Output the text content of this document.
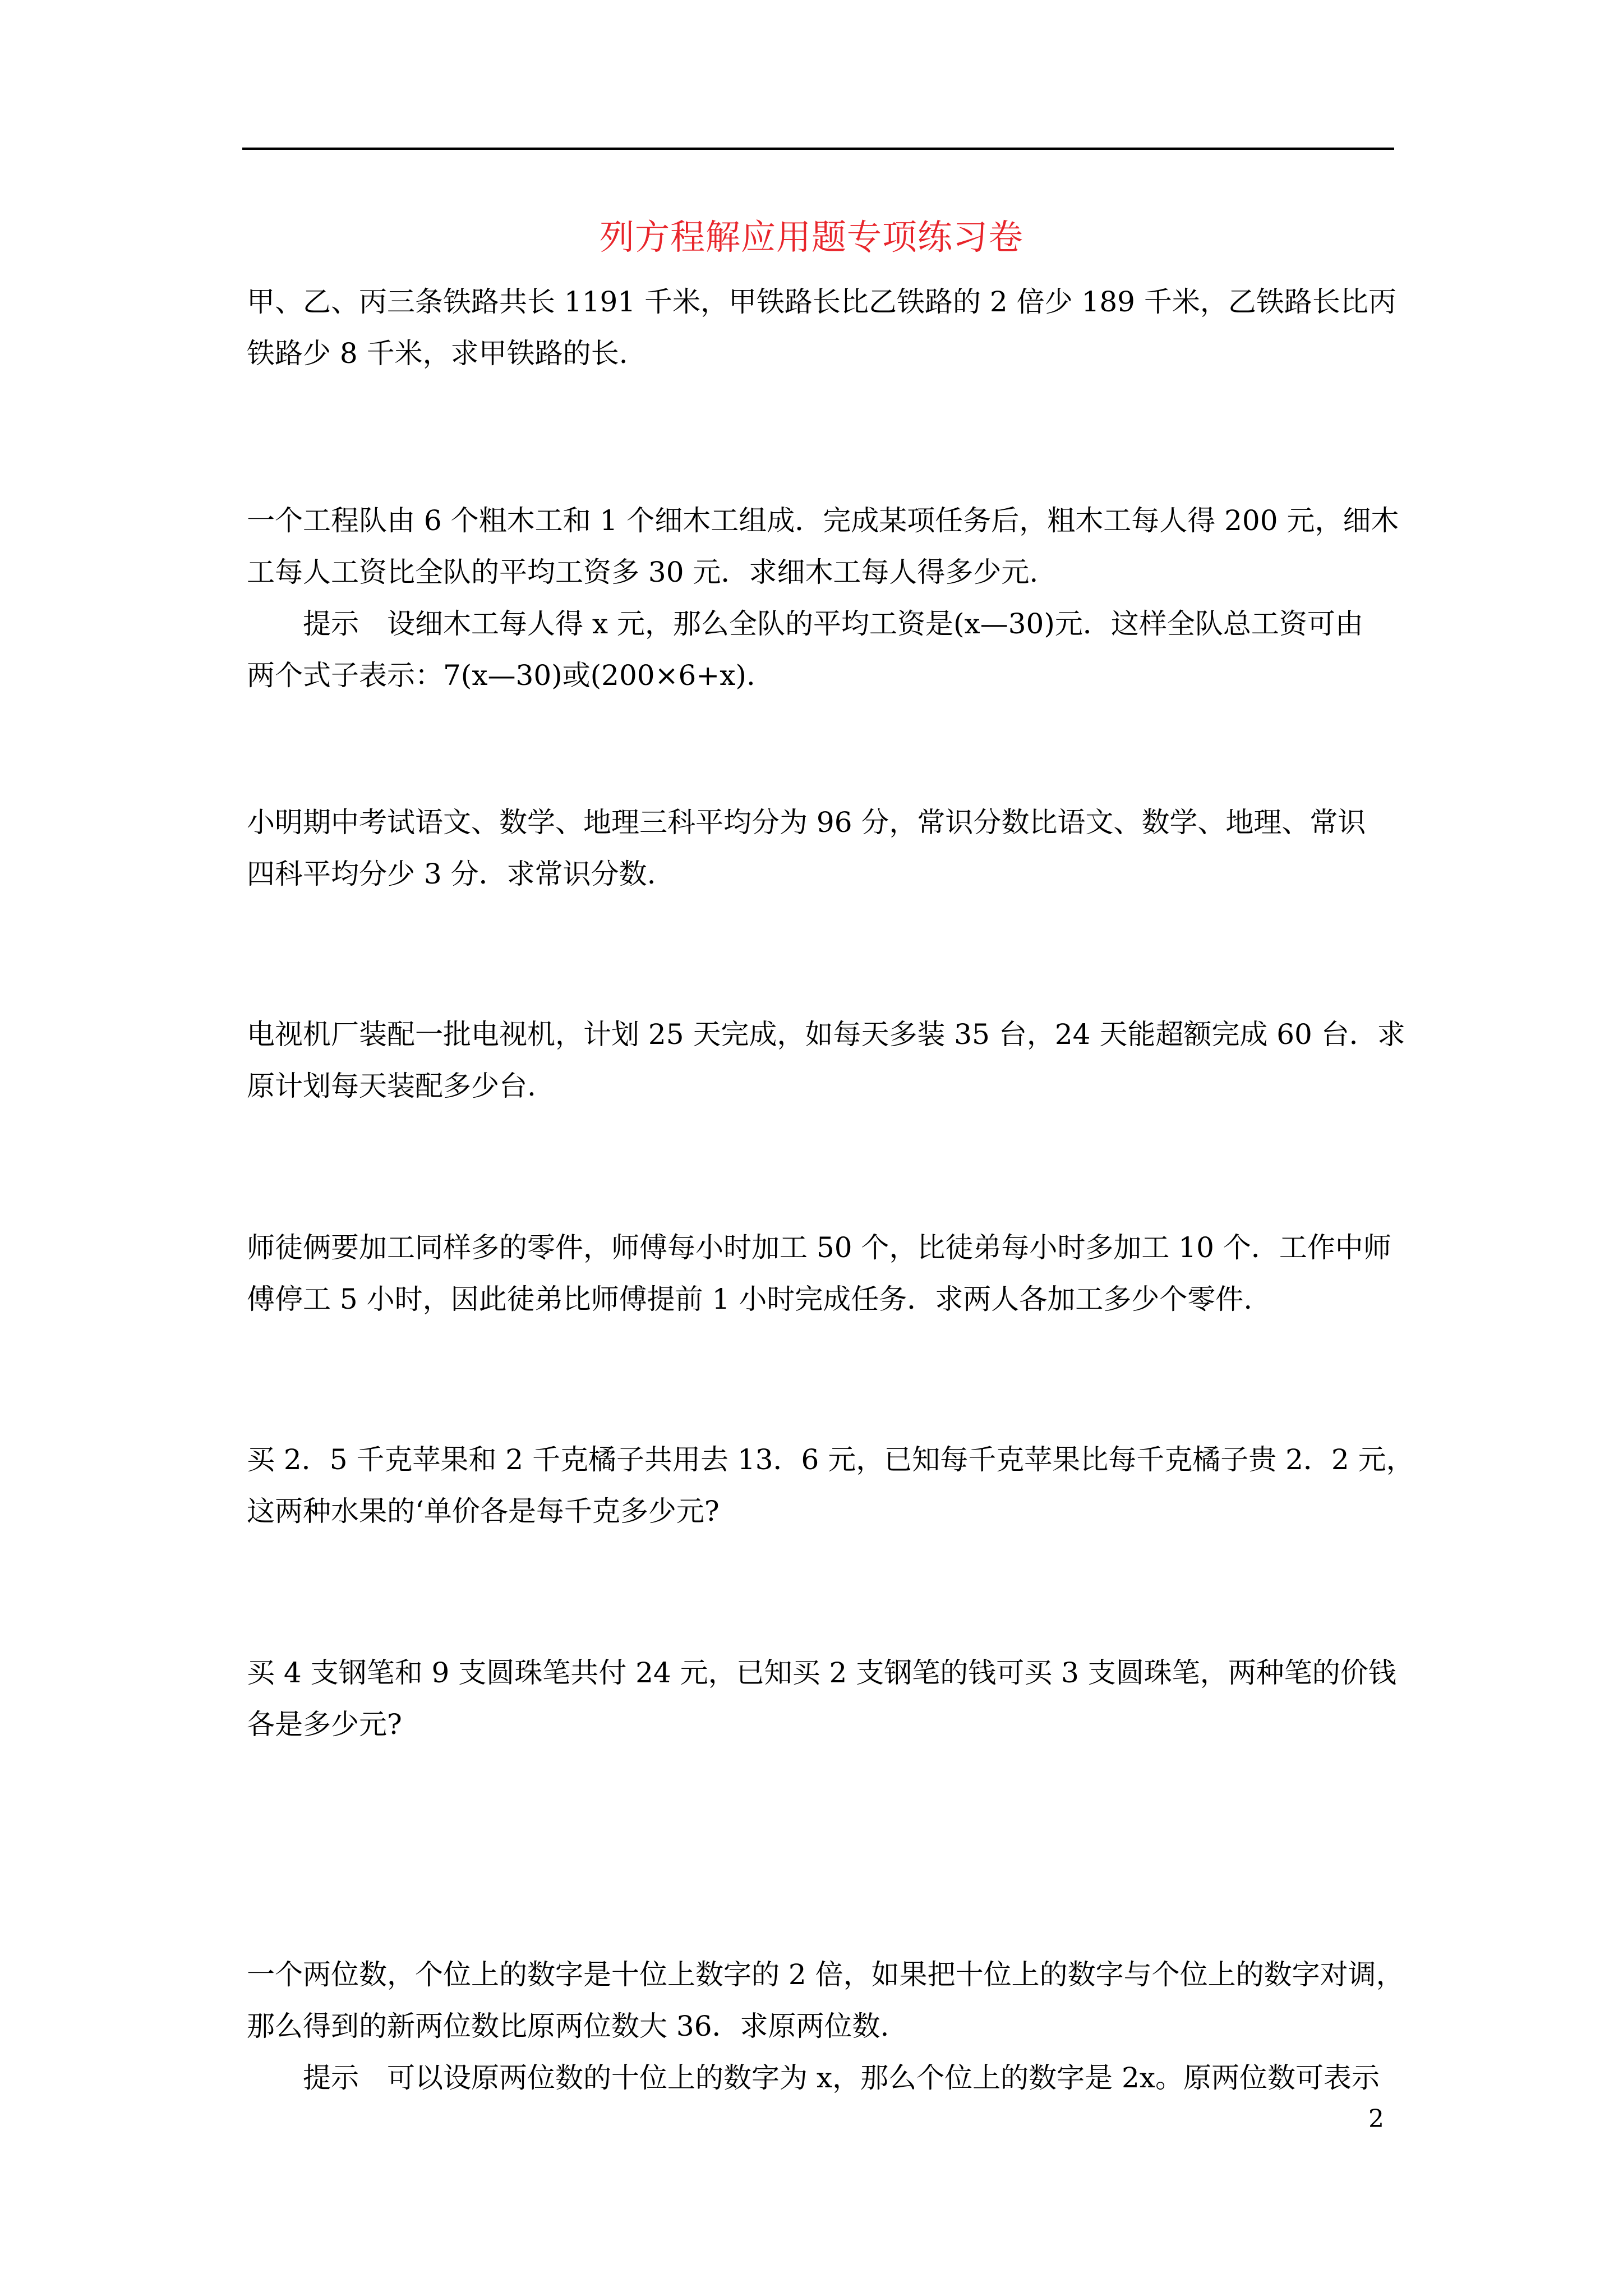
列方程解应用题专项练习卷
甲、乙、丙三条铁路共长 1191 千米，甲铁路长比乙铁路的 2 倍少 189 千米，乙铁路长比丙
铁路少 8 千米，求甲铁路的长.
一个工程队由 6 个粗木工和 1 个细木工组成．完成某项任务后，粗木工每人得 200 元，细木
工每人工资比全队的平均工资多 30 元．求细木工每人得多少元.
提示　设细木工每人得 x 元，那么全队的平均工资是(x—30)元．这样全队总工资可由
两个式子表示：7(x—30)或(200×6+x).
小明期中考试语文、数学、地理三科平均分为 96 分，常识分数比语文、数学、地理、常识
四科平均分少 3 分．求常识分数.
电视机厂装配一批电视机，计划 25 天完成，如每天多装 35 台，24 天能超额完成 60 台．求
原计划每天装配多少台.
师徒俩要加工同样多的零件，师傅每小时加工 50 个，比徒弟每小时多加工 10 个．工作中师
傅停工 5 小时，因此徒弟比师傅提前 1 小时完成任务．求两人各加工多少个零件.
买 2．5 千克苹果和 2 千克橘子共用去 13．6 元，已知每千克苹果比每千克橘子贵 2．2 元，
这两种水果的‘单价各是每千克多少元?
买 4 支钢笔和 9 支圆珠笔共付 24 元，已知买 2 支钢笔的钱可买 3 支圆珠笔，两种笔的价钱
各是多少元?
一个两位数，个位上的数字是十位上数字的 2 倍，如果把十位上的数字与个位上的数字对调，
那么得到的新两位数比原两位数大 36．求原两位数.
提示　可以设原两位数的十位上的数字为 x，那么个位上的数字是 2x。原两位数可表示
2
